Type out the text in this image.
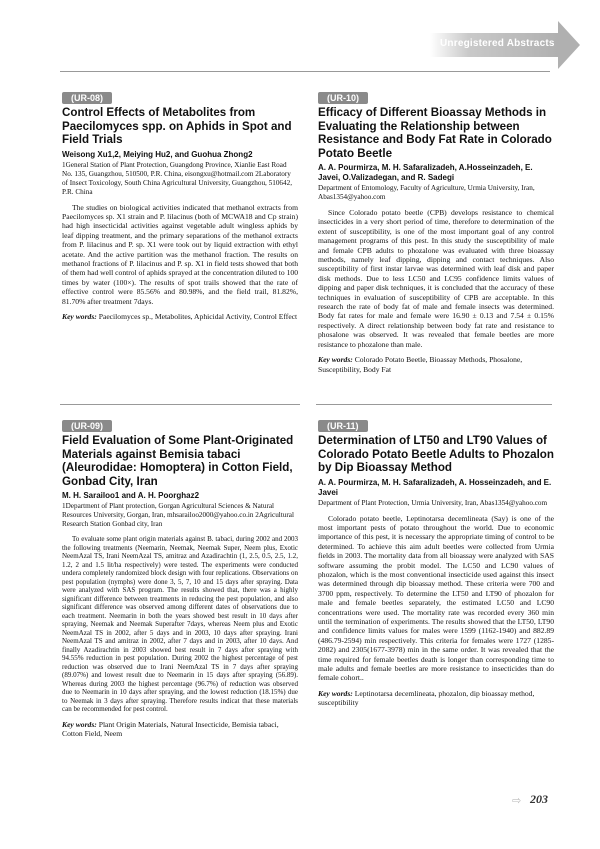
Unregistered Abstracts
(UR-08)
Control Effects of Metabolites from Paecilomyces spp. on Aphids in Spot and Field Trials

Weisong Xu1,2, Meiying Hu2, and Guohua Zhong2

1General Station of Plant Protection, Guangdong Province, Xianlie East Road No. 135, Guangzhou, 510500, P.R. China, eisongxu@hotmail.com 2Laboratory of Insect Toxicology, South China Agricultural University, Guangzhou, 510642, P.R. China

The studies on biological activities indicated that methanol extracts from Paecilomyces sp. X1 strain and P. lilacinus (both of MCWA18 and Cp strain) had high insecticidal activities against vegetable adult wingless aphids by leaf dipping treatment, and the primary separations of the methanol extracts from P. lilacinus and P. sp. X1 were took out by liquid extraction with ethyl acetate. And the active partition was the methanol fraction. The results on methanol fractions of P. lilacinus and P. sp. X1 in field tests showed that both of them had well control of aphids sprayed at the concentration diluted to 100 times by water (100×). The results of spot trails showed that the rate of effective control were 85.56% and 80.98%, and the field trail, 81.82%, 81.70% after treatment 7days.

Key words: Paecilomyces sp., Metabolites, Aphicidal Activity, Control Effect

(UR-10)
Efficacy of Different Bioassay Methods in Evaluating the Relationship between Resistance and Body Fat Rate in Colorado Potato Beetle

A. A. Pourmirza, M. H. Safaralizadeh, A.Hosseinzadeh, E. Javei, O.Valizadegan, and R. Sadegi

Department of Entomology, Faculty of Agriculture, Urmia University, Iran, Abas1354@yahoo.com

Since Colorado potato beetle (CPB) develops resistance to chemical insecticides in a very short period of time, therefore to determination of the extent of susceptibility, is one of the most important goal of any control management programs of this pest. In this study the susceptibility of male and female CPB adults to phozalone was evaluated with three bioassay methods, namely leaf dipping, dipping and contact techniques. Also susceptibility of first instar larvae was determined with leaf disk and paper disk methods. Due to less LC50 and LC95 confidence limits values of dipping and paper disk techniques, it is concluded that the accuracy of these techniques in evaluation of susceptibility of CPB are acceptable. In this research the rate of body fat of male and female insects was determined. Body fat rates for male and female were 16.90 ± 0.13 and 7.54 ± 0.15% respectively. A direct relationship between body fat rate and resistance to phosalone was observed. It was revealed that female beetles are more resistance to phozalone than male.

Key words: Colorado Potato Beetle, Bioassay Methods, Phosalone, Susceptibility, Body Fat

(UR-09)
Field Evaluation of Some Plant-Originated Materials against Bemisia tabaci (Aleurodidae: Homoptera) in Cotton Field, Gonbad City, Iran

M. H. Sarailoo1 and A. H. Poorghaz2

1Department of Plant protection, Gorgan Agricultural Sciences & Natural Resources University, Gorgan, Iran, mhsarailoo2000@yahoo.co.in 2Agricultural Research Station Gonbad city, Iran

To evaluate some plant origin materials against B. tabaci, during 2002 and 2003 the following treatments (Neemarin, Neemak, Neemak Super, Neem plus, Exotic NeemAzal TS, Irani NeemAzal TS, amitraz and Azadirachtin (1, 2.5, 0.5, 2.5, 1.2, 1.2, 2 and 1.5 lit/ha respectively) were tested. The experiments were conducted undera completely randomized block design with four replications. Observations on pest population (nymphs) were done 3, 5, 7, 10 and 15 days after spraying. Data were analyzed with SAS program. The results showed that, there was a highly significant difference between treatments in reducing the pest population, and also significant difference was observed among different dates of observations due to each treatment. Neemarin in both the years showed best result in 10 days after spraying, Neemak and Neemak Superafter 7days, whereas Neem plus and Exotic NeemAzal TS in 2002, after 5 days and in 2003, 10 days after spraying. Irani NeemAzal TS and amitraz in 2002, after 7 days and in 2003, after 10 days. And finally Azadirachtin in 2003 showed best result in 7 days after spraying with 94.55% reduction in pest population. During 2002 the highest percentage of pest reduction was observed due to Irani NeemAzal TS in 7 days after spraying (89.07%) and lowest result due to Neemarin in 15 days after spraying (56.89). Whereas during 2003 the highest percentage (96.7%) of reduction was observed due to Neemarin in 10 days after spraying, and the lowest reduction (18.15%) due to Neemak in 3 days after spraying. Therefore results indicat that these materials can be recommended for pest control.

Key words: Plant Origin Materials, Natural Insecticide, Bemisia tabaci, Cotton Field, Neem

(UR-11)
Determination of LT50 and LT90 Values of Colorado Potato Beetle Adults to Phozalon by Dip Bioassay Method

A. A. Pourmirza, M. H. Safaralizadeh, A. Hosseinzadeh, and E. Javei

Department of Plant Protection, Urmia University, Iran, Abas1354@yahoo.com

Colorado potato beetle, Leptinotarsa decemlineata (Say) is one of the most important pests of potato throughout the world. Due to economic importance of this pest, it is necessary the appropriate timing of control to be determined. To achieve this aim adult beetles were collected from Urmia fields in 2003. The mortality data from all bioassay were analyzed with SAS software assuming the probit model. The LC50 and LC90 values of phozalon, which is the most conventional insecticide used against this insect was determined through dip bioassay method. These criteria were 700 and 3700 ppm, respectively. To determine the LT50 and LT90 of phozalon for male and female beetles separately, the estimated LC50 and LC90 concentrations were used. The mortality rate was recorded every 360 min until the termination of experiments. The results showed that the LT50, LT90 and confidence limits values for males were 1599 (1162-1940) and 882.89 (486.79-2594) min respectively. This criteria for females were 1727 (1285-2082) and 2305(1677-3978) min in the same order. It was revealed that the time required for female beetles death is longer than corresponding time to male adults and female beetles are more resistance to insecticides than do female cohort..

Key words: Leptinotarsa decemlineata, phozalon, dip bioassay method, susceptibility

⇨ 203
